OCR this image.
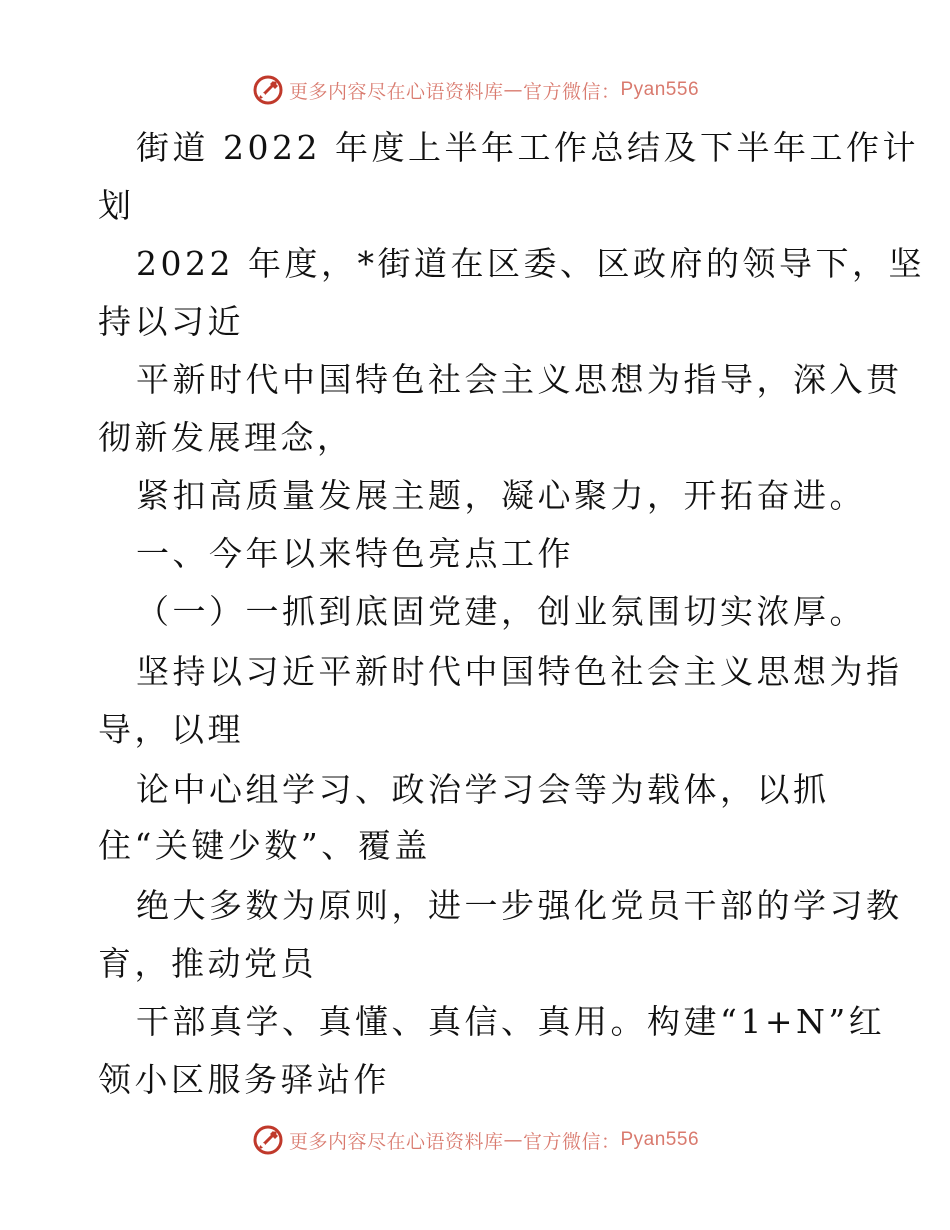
更多内容尽在心语资料库 — 官方微信： Pyan556
街道 2022 年度上半年工作总结及下半年工作计
划
2022 年度，*街道在区委、区政府的领导下，坚
持以习近
平新时代中国特色社会主义思想为指导，深入贯
彻新发展理念，
紧扣高质量发展主题，凝心聚力，开拓奋进。
一、今年以来特色亮点工作
（一）一抓到底固党建，创业氛围切实浓厚。
坚持以习近平新时代中国特色社会主义思想为指
导，以理
论中心组学习、政治学习会等为载体，以抓
住“关键少数”、覆盖
绝大多数为原则，进一步强化党员干部的学习教
育，推动党员
干部真学、真懂、真信、真用。构建“1+N”红
领小区服务驿站作
更多内容尽在心语资料库 — 官方微信： Pyan556
